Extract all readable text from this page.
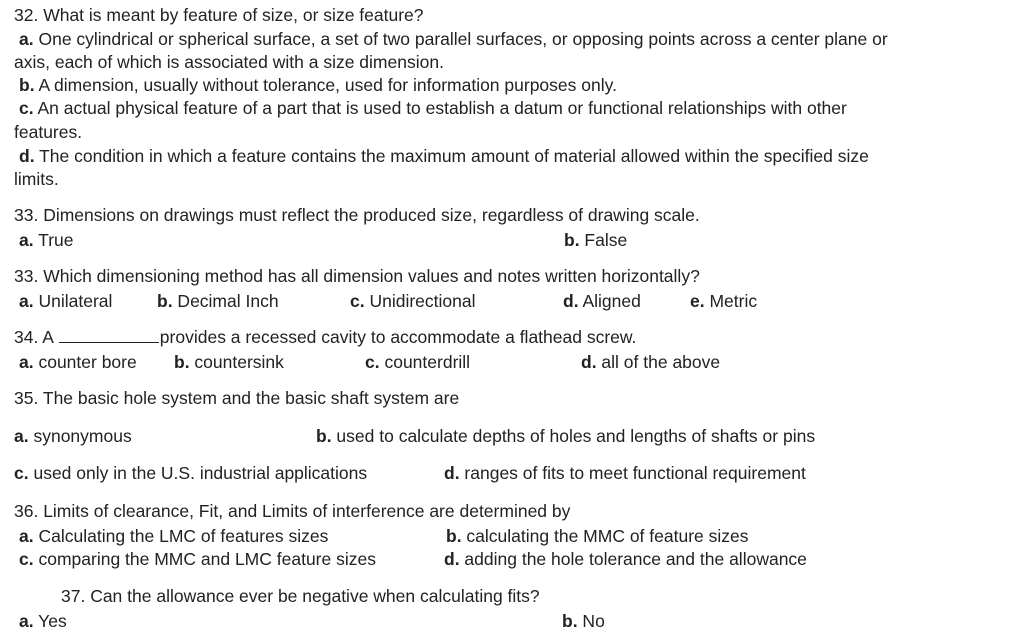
32. What is meant by feature of size, or size feature?
a. One cylindrical or spherical surface, a set of two parallel surfaces, or opposing points across a center plane or
axis, each of which is associated with a size dimension.
b. A dimension, usually without tolerance, used for information purposes only.
c. An actual physical feature of a part that is used to establish a datum or functional relationships with other
features.
d. The condition in which a feature contains the maximum amount of material allowed within the specified size
limits.
33. Dimensions on drawings must reflect the produced size, regardless of drawing scale.
a. True	b. False
33. Which dimensioning method has all dimension values and notes written horizontally?
a. Unilateral	b. Decimal Inch	c. Unidirectional	d. Aligned	e. Metric
34. A	provides a recessed cavity to accommodate a flathead screw.
a. counter bore b. countersink	c. counterdrill	d. all of the above
35. The basic hole system and the basic shaft system are
a. synonymous	b. used to calculate depths of holes and lengths of shafts or pins
c. used only in the U.S. industrial applications	d. ranges of fits to meet functional requirement
36. Limits of clearance, Fit, and Limits of interference are determined by
a. Calculating the LMC of features sizes	b. calculating the MMC of feature sizes
c. comparing the MMC and LMC feature sizes	d. adding the hole tolerance and the allowance
37. Can the allowance ever be negative when calculating fits?
a. Yes	b. No
